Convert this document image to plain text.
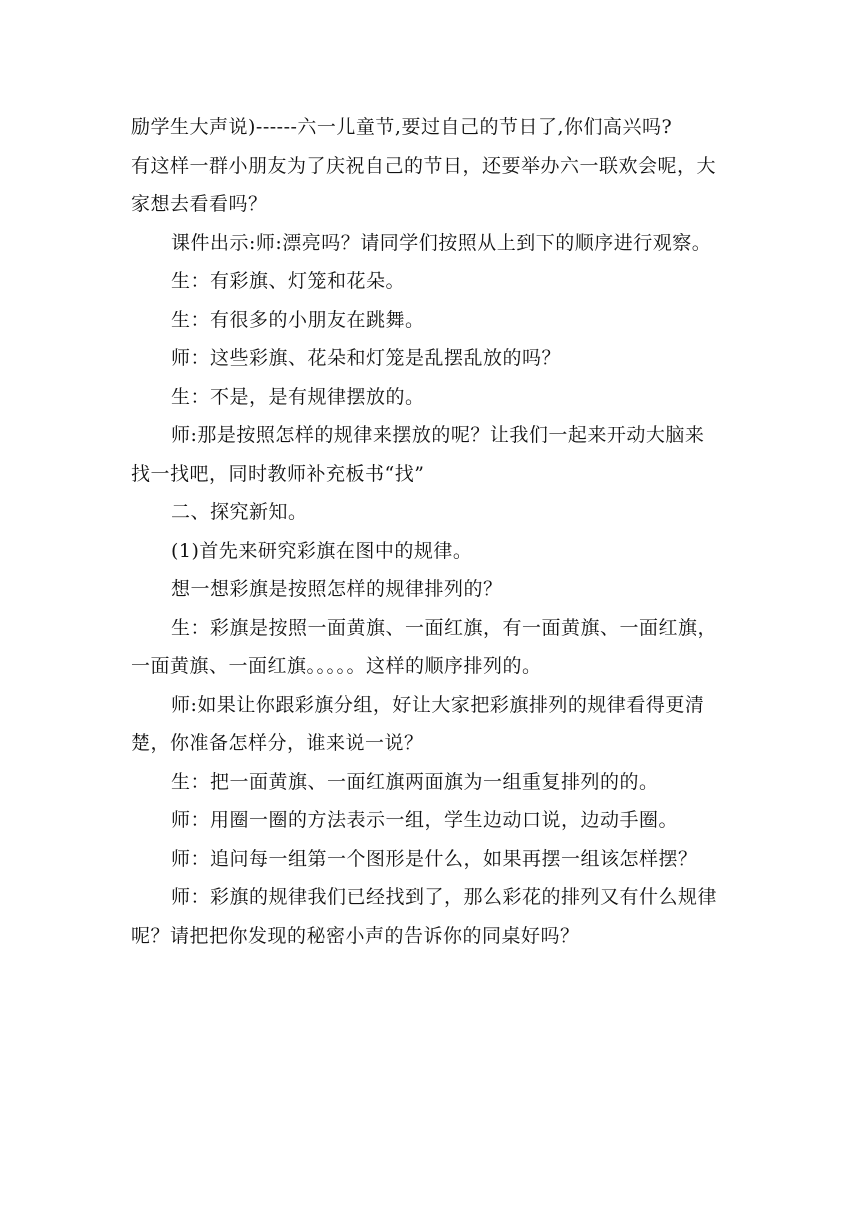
励学生大声说)------六一儿童节,要过自己的节日了,你们高兴吗?
有这样一群小朋友为了庆祝自己的节日，还要举办六一联欢会呢，大
家想去看看吗？

课件出示:师:漂亮吗？请同学们按照从上到下的顺序进行观察。

生：有彩旗、灯笼和花朵。

生：有很多的小朋友在跳舞。

师：这些彩旗、花朵和灯笼是乱摆乱放的吗？

生：不是，是有规律摆放的。

师:那是按照怎样的规律来摆放的呢？让我们一起来开动大脑来
找一找吧，同时教师补充板书“找”

二、探究新知。

(1)首先来研究彩旗在图中的规律。

想一想彩旗是按照怎样的规律排列的？

生：彩旗是按照一面黄旗、一面红旗，有一面黄旗、一面红旗，
一面黄旗、一面红旗。。。。。这样的顺序排列的。

师:如果让你跟彩旗分组，好让大家把彩旗排列的规律看得更清
楚，你准备怎样分，谁来说一说？

生：把一面黄旗、一面红旗两面旗为一组重复排列的的。

师：用圈一圈的方法表示一组，学生边动口说，边动手圈。

师：追问每一组第一个图形是什么，如果再摆一组该怎样摆？

师：彩旗的规律我们已经找到了，那么彩花的排列又有什么规律
呢？请把把你发现的秘密小声的告诉你的同桌好吗？
